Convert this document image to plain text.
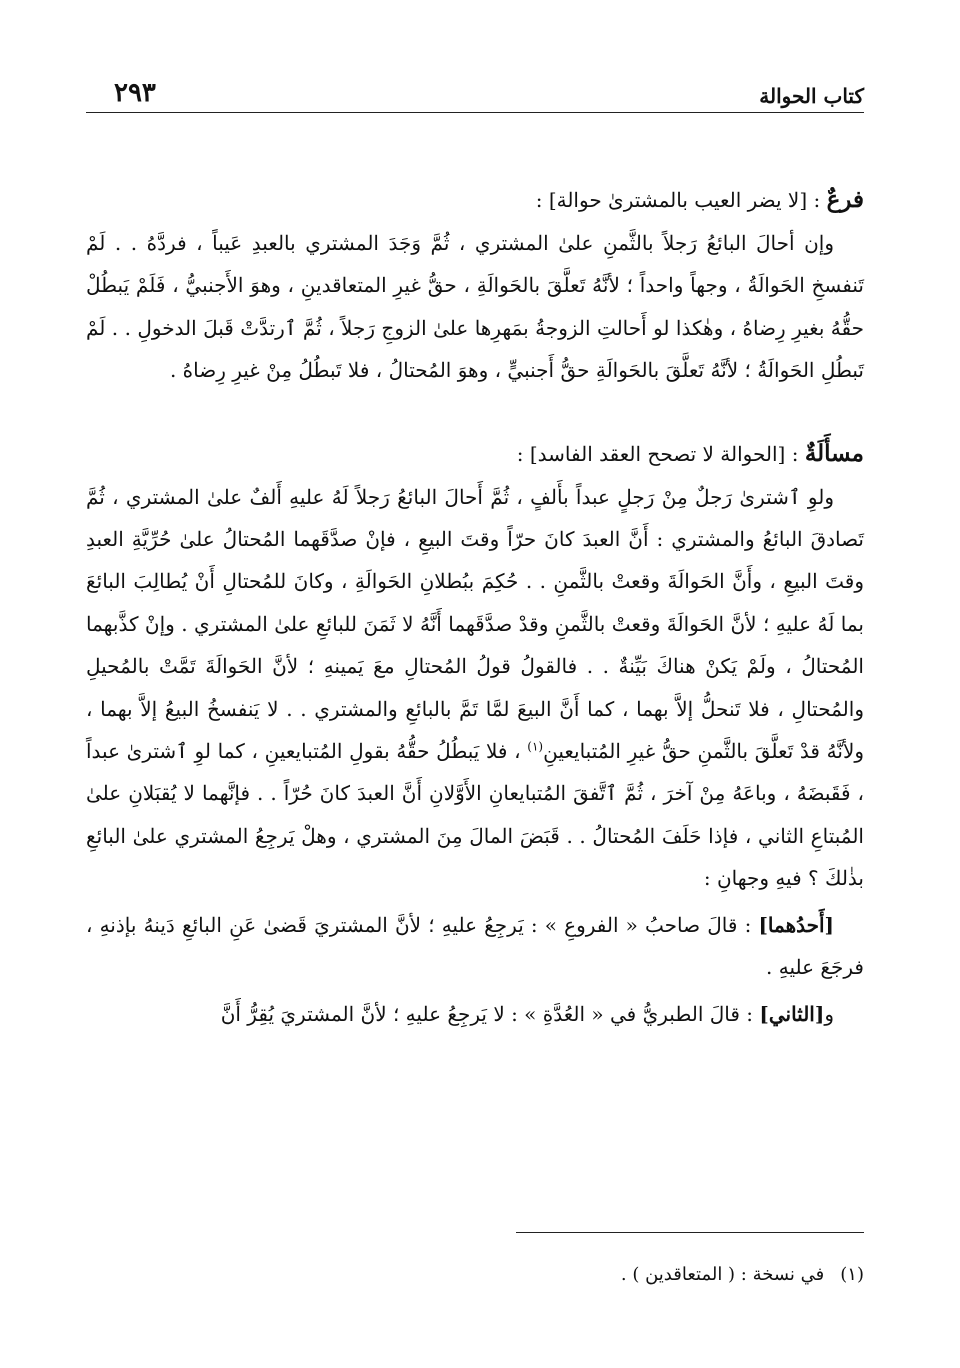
كتاب الحوالة
٢٩٣

فرعٌ : [لا يضر العيب بالمشترىٰ حوالة] :

وإن أحالَ البائعُ رَجلاً بالثَّمنِ علىٰ المشتري ، ثُمَّ وَجَدَ المشتري بالعبدِ عَيباً ، فردَّهُ . . لَمْ تَنفسخِ الحَوالَةُ ، وجهاً واحداً ؛ لأنَّهُ تَعلَّقَ بالحَوالَةِ ، حقُّ غيرِ المتعاقدينِ ، وهوَ الأَجنبيُّ ، فَلَمْ يَبطُلْ حقُّهُ بغيرِ رِضاهُ ، وهٰكذا لو أَحالتِ الزوجةُ بمَهرِها علىٰ الزوجِ رَجلاً ، ثُمَّ ٱرتدَّتْ قَبلَ الدخولِ . . لَمْ تَبطُلِ الحَوالَةُ ؛ لأنَّهُ تَعلَّقَ بالحَوالَةِ حقُّ أَجنبيٍّ ، وهوَ المُحتالُ ، فلا تَبطُلُ مِنْ غيرِ رِضاهُ .

مسأَلَةٌ : [الحوالة لا تصحح العقد الفاسد] :

ولوِ ٱشترىٰ رَجلٌ مِنْ رَجلٍ عبداً بأَلفٍ ، ثُمَّ أَحالَ البائعُ رَجلاً لَهُ عليهِ أَلفٌ علىٰ المشتري ، ثُمَّ تَصادقَ البائعُ والمشتري : أَنَّ العبدَ كانَ حرّاً وقتَ البيعِ ، فإنْ صدَّقَهما المُحتالُ علىٰ حُرِّيَّةِ العبدِ وقتَ البيعِ ، وأَنَّ الحَوالَةَ وقعتْ بالثَّمنِ . . حُكِمَ ببُطلانِ الحَوالَةِ ، وكانَ للمُحتالِ أَنْ يُطالِبَ البائعَ بما لَهُ عليهِ ؛ لأنَّ الحَوالَةَ وقعتْ بالثَّمنِ وقدْ صدَّقَهما أَنَّهُ لا ثَمَنَ للبائعِ علىٰ المشتري . وإنْ كذَّبهما المُحتالُ ، ولَمْ يَكنْ هناكَ بَيِّنةٌ . . فالقولُ قولُ المُحتالِ معَ يَمينهِ ؛ لأنَّ الحَوالَةَ تَمَّتْ بالمُحيلِ والمُحتالِ ، فلا تَنحلُّ إلاَّ بهما ، كما أَنَّ البيعَ لمَّا تَمَّ بالبائعِ والمشتري . . لا يَنفسخُ البيعُ إلاَّ بهما ، ولأنَّهُ قدْ تَعلَّقَ بالثَّمنِ حقُّ غيرِ المُتبايعينِ$^{(١)}$ ، فلا يَبطُلُ حقُّهُ بقولِ المُتبايعينِ ، كما لوِ ٱشترىٰ عبداً ، فَقَبضَهُ ، وباعَهُ مِنْ آخرَ ، ثُمَّ ٱتَّفقَ المُتبايعانِ الأَوَّلانِ أَنَّ العبدَ كانَ حُرّاً . . فإنَّهما لا يُقبَلانِ علىٰ المُبتاعِ الثاني ، فإذا حَلَفَ المُحتالُ . . قَبَضَ المالَ مِنَ المشتري ، وهلْ يَرجِعُ المشتري علىٰ البائعِ بذٰلكَ ؟ فيهِ وجهانِ :

[أَحدُهما] : قالَ صاحبُ « الفروعِ » : يَرجِعُ عليهِ ؛ لأنَّ المشتريَ قَضىٰ عَنِ البائعِ دَينهُ بإذنهِ ، فرجَعَ عليهِ .

و[الثاني] : قالَ الطبريُّ في « العُدَّةِ » : لا يَرجِعُ عليهِ ؛ لأنَّ المشتريَ يُقِرُّ أَنَّ

(١)في نسخة : ( المتعاقدين ) .
